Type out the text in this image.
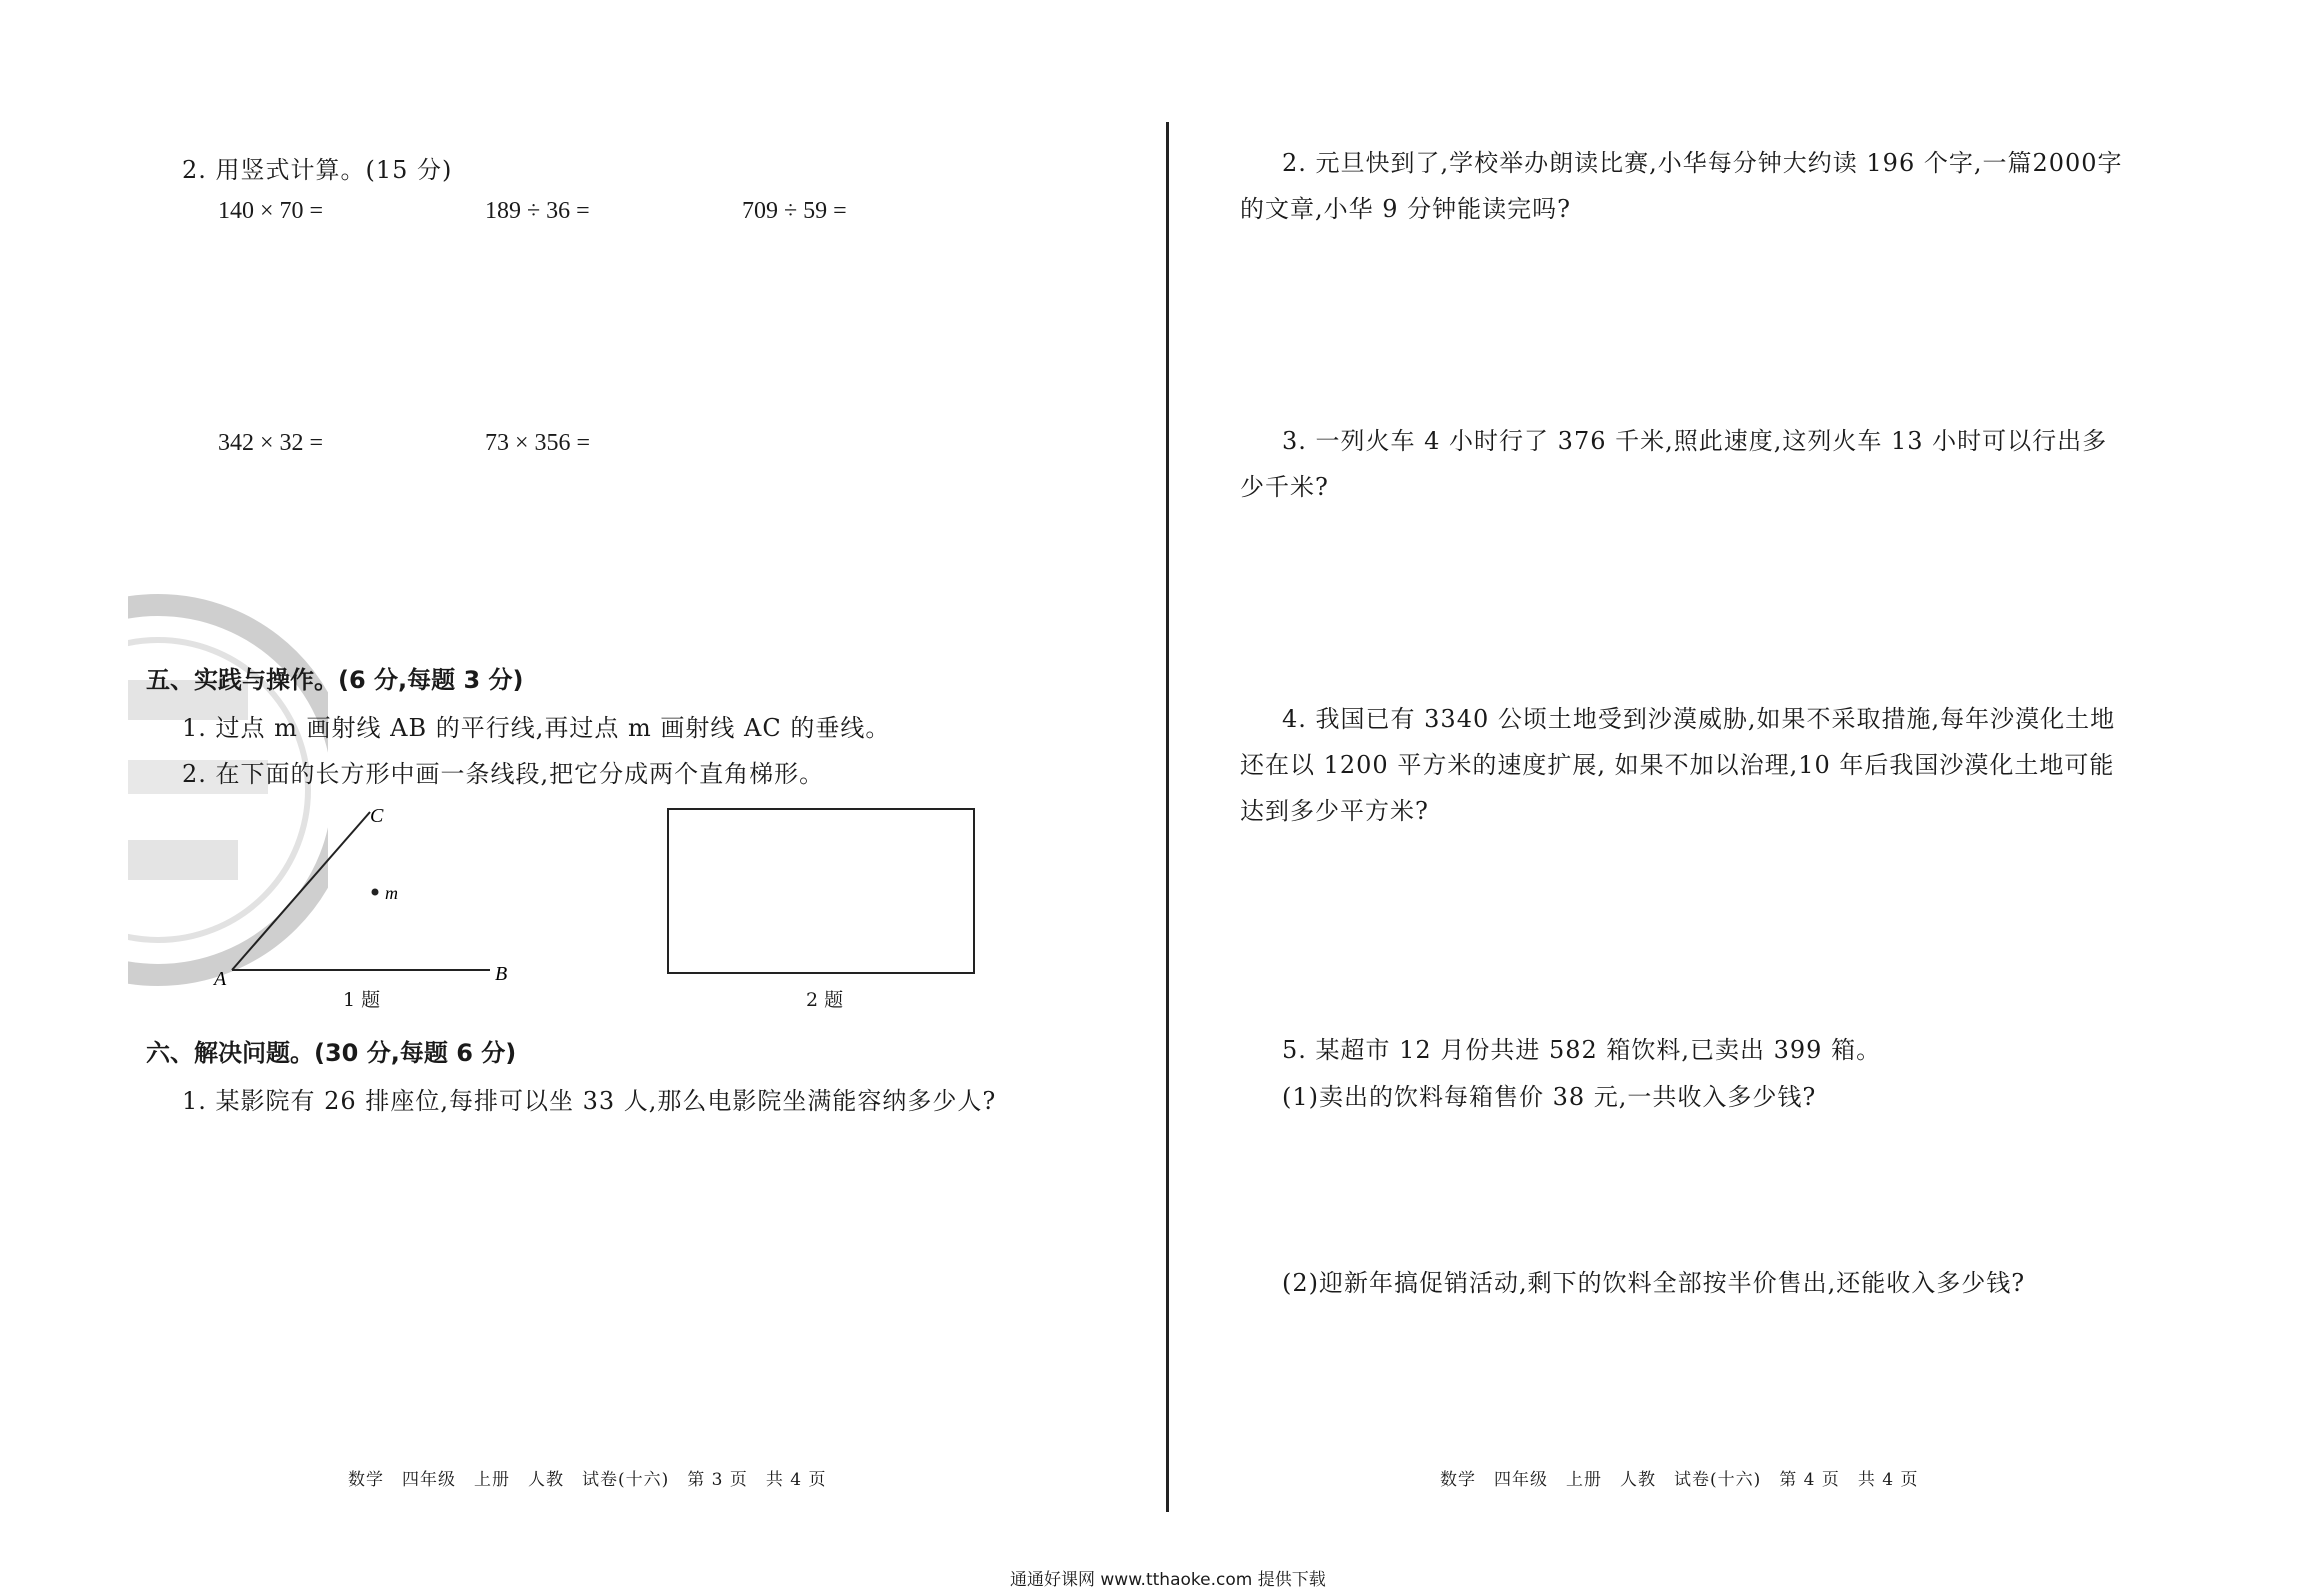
2. 用竖式计算。(15 分)
140 × 70 =	189 ÷ 36 =	709 ÷ 59 =
342 × 32 =	73 × 356 =
五、实践与操作。(6 分,每题 3 分)
1. 过点 m 画射线 AB 的平行线,再过点 m 画射线 AC 的垂线。
2. 在下面的长方形中画一条线段,把它分成两个直角梯形。
C
m
A	B
1 题	2 题
六、解决问题。(30 分,每题 6 分)
1. 某影院有 26 排座位,每排可以坐 33 人,那么电影院坐满能容纳多少人?
数学　四年级　上册　人教　试卷(十六)　第 3 页　共 4 页
2. 元旦快到了,学校举办朗读比赛,小华每分钟大约读 196 个字,一篇2000字的文章,小华 9 分钟能读完吗?
3. 一列火车 4 小时行了 376 千米,照此速度,这列火车 13 小时可以行出多少千米?
4. 我国已有 3340 公顷土地受到沙漠威胁,如果不采取措施,每年沙漠化土地还在以 1200 平方米的速度扩展, 如果不加以治理,10 年后我国沙漠化土地可能达到多少平方米?
5. 某超市 12 月份共进 582 箱饮料,已卖出 399 箱。
(1)卖出的饮料每箱售价 38 元,一共收入多少钱?
(2)迎新年搞促销活动,剩下的饮料全部按半价售出,还能收入多少钱?
数学　四年级　上册　人教　试卷(十六)　第 4 页　共 4 页
通通好课网 www.tthaoke.com 提供下载
